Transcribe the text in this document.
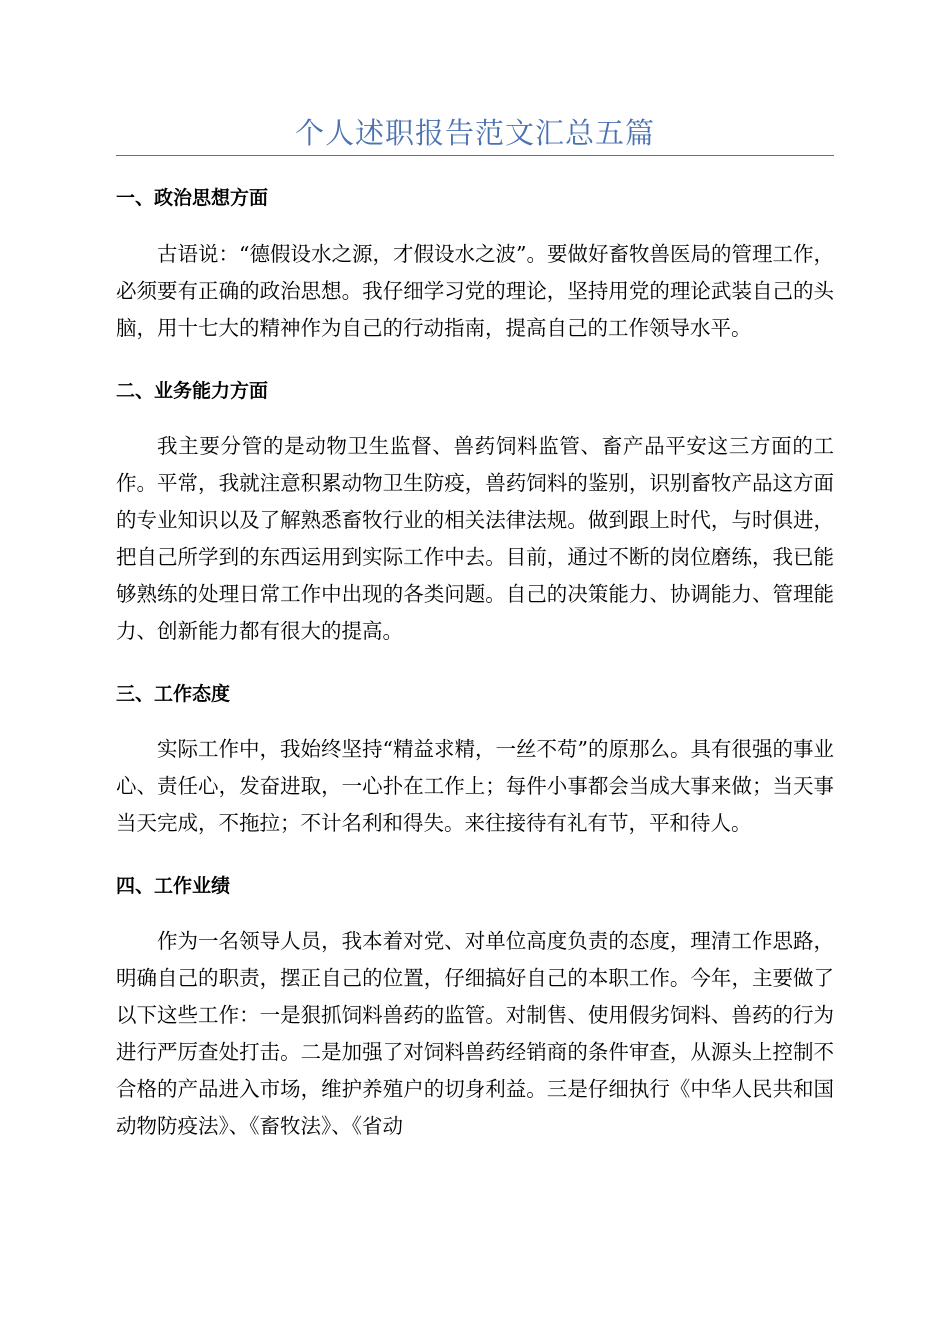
个人述职报告范文汇总五篇
一、政治思想方面

古语说：“德假设水之源，才假设水之波”。要做好畜牧兽医局的管理工作，必须要有正确的政治思想。我仔细学习党的理论，坚持用党的理论武装自己的头脑，用十七大的精神作为自己的行动指南，提高自己的工作领导水平。

二、业务能力方面

我主要分管的是动物卫生监督、兽药饲料监管、畜产品平安这三方面的工作。平常，我就注意积累动物卫生防疫，兽药饲料的鉴别，识别畜牧产品这方面的专业知识以及了解熟悉畜牧行业的相关法律法规。做到跟上时代，与时俱进，把自己所学到的东西运用到实际工作中去。目前，通过不断的岗位磨练，我已能够熟练的处理日常工作中出现的各类问题。自己的决策能力、协调能力、管理能力、创新能力都有很大的提高。

三、工作态度

实际工作中，我始终坚持“精益求精，一丝不苟”的原那么。具有很强的事业心、责任心，发奋进取，一心扑在工作上；每件小事都会当成大事来做；当天事当天完成，不拖拉；不计名利和得失。来往接待有礼有节，平和待人。

四、工作业绩

作为一名领导人员，我本着对党、对单位高度负责的态度，理清工作思路，明确自己的职责，摆正自己的位置，仔细搞好自己的本职工作。今年，主要做了以下这些工作：一是狠抓饲料兽药的监管。对制售、使用假劣饲料、兽药的行为进行严厉查处打击。二是加强了对饲料兽药经销商的条件审查，从源头上控制不合格的产品进入市场，维护养殖户的切身利益。三是仔细执行《中华人民共和国动物防疫法》、《畜牧法》、《省动
